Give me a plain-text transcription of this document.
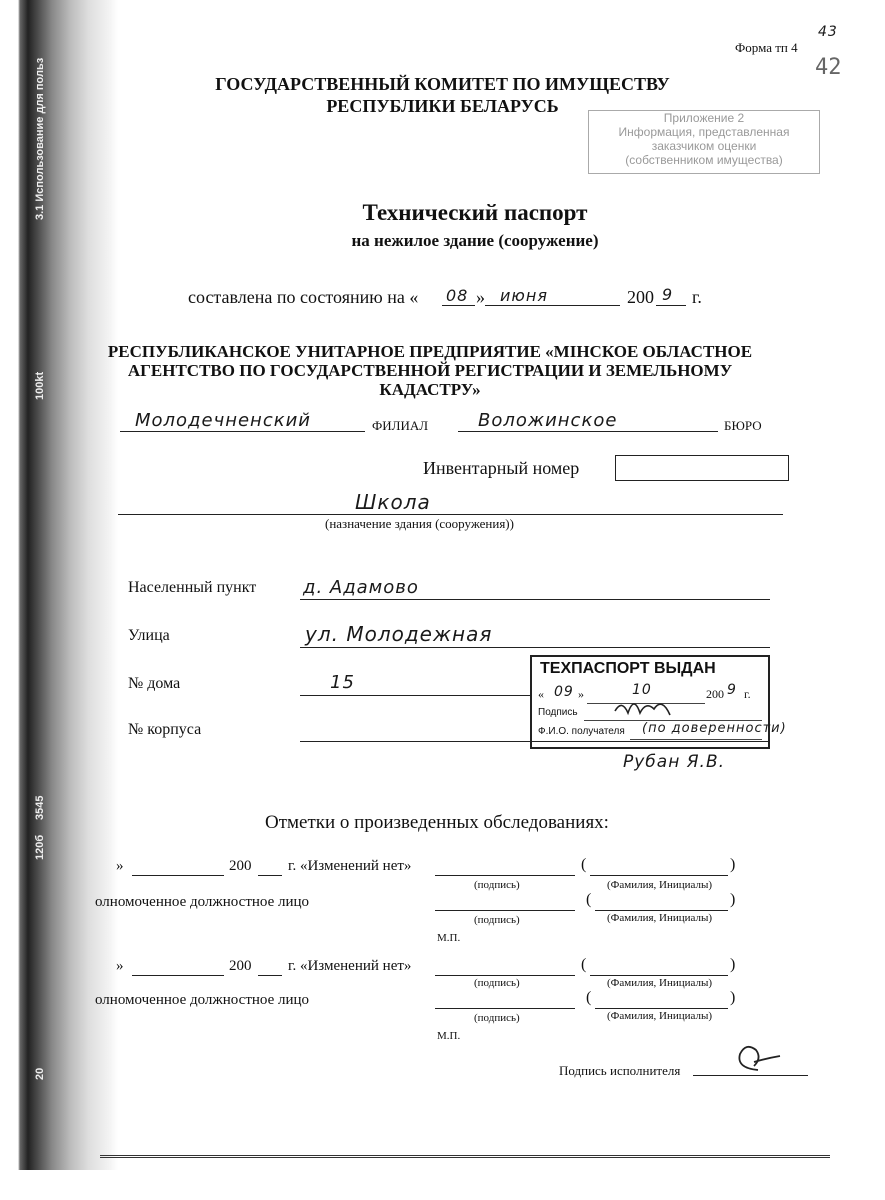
3.1 Использование для польз
100kt
3545
120б
20
Форма тп 4
43
42
ГОСУДАРСТВЕННЫЙ КОМИТЕТ ПО ИМУЩЕСТВУ
РЕСПУБЛИКИ БЕЛАРУСЬ
Приложение 2
Информация, представленная
заказчиком оценки
(собственником имущества)
Технический паспорт
на нежилое здание (сооружение)
составлена по состоянию на « 08 » июня	200 9 г.
РЕСПУБЛИКАНСКОЕ УНИТАРНОЕ ПРЕДПРИЯТИЕ «МІНСКОЕ ОБЛАСТНОЕ
АГЕНТСТВО ПО ГОСУДАРСТВЕННОЙ РЕГИСТРАЦИИ И ЗЕМЕЛЬНОМУ
КАДАСТРУ»
Молодечненский	ФИЛИАЛ	Воложинское	БЮРО
Инвентарный номер
Школа
(назначение здания (сооружения))
Населенный пункт	д. Адамово
Улица	ул. Молодежная
№ дома	15
№ корпуса
ТЕХПАСПОРТ ВЫДАН
« 09 »	10	200 9 г.
Подпись
Ф.И.О. получателя (по доверенности)
Рубан Я.В.
Отметки о произведенных обследованиях:
»	200 г. «Изменений нет»	(	)
(подпись)	(Фамилия, Инициалы)
олномоченное должностное лицо	(	)
(подпись)	(Фамилия, Инициалы)
М.П.
»	200 г. «Изменений нет»	(	)
(подпись)	(Фамилия, Инициалы)
олномоченное должностное лицо	(	)
(подпись)	(Фамилия, Инициалы)
М.П.
Подпись исполнителя
